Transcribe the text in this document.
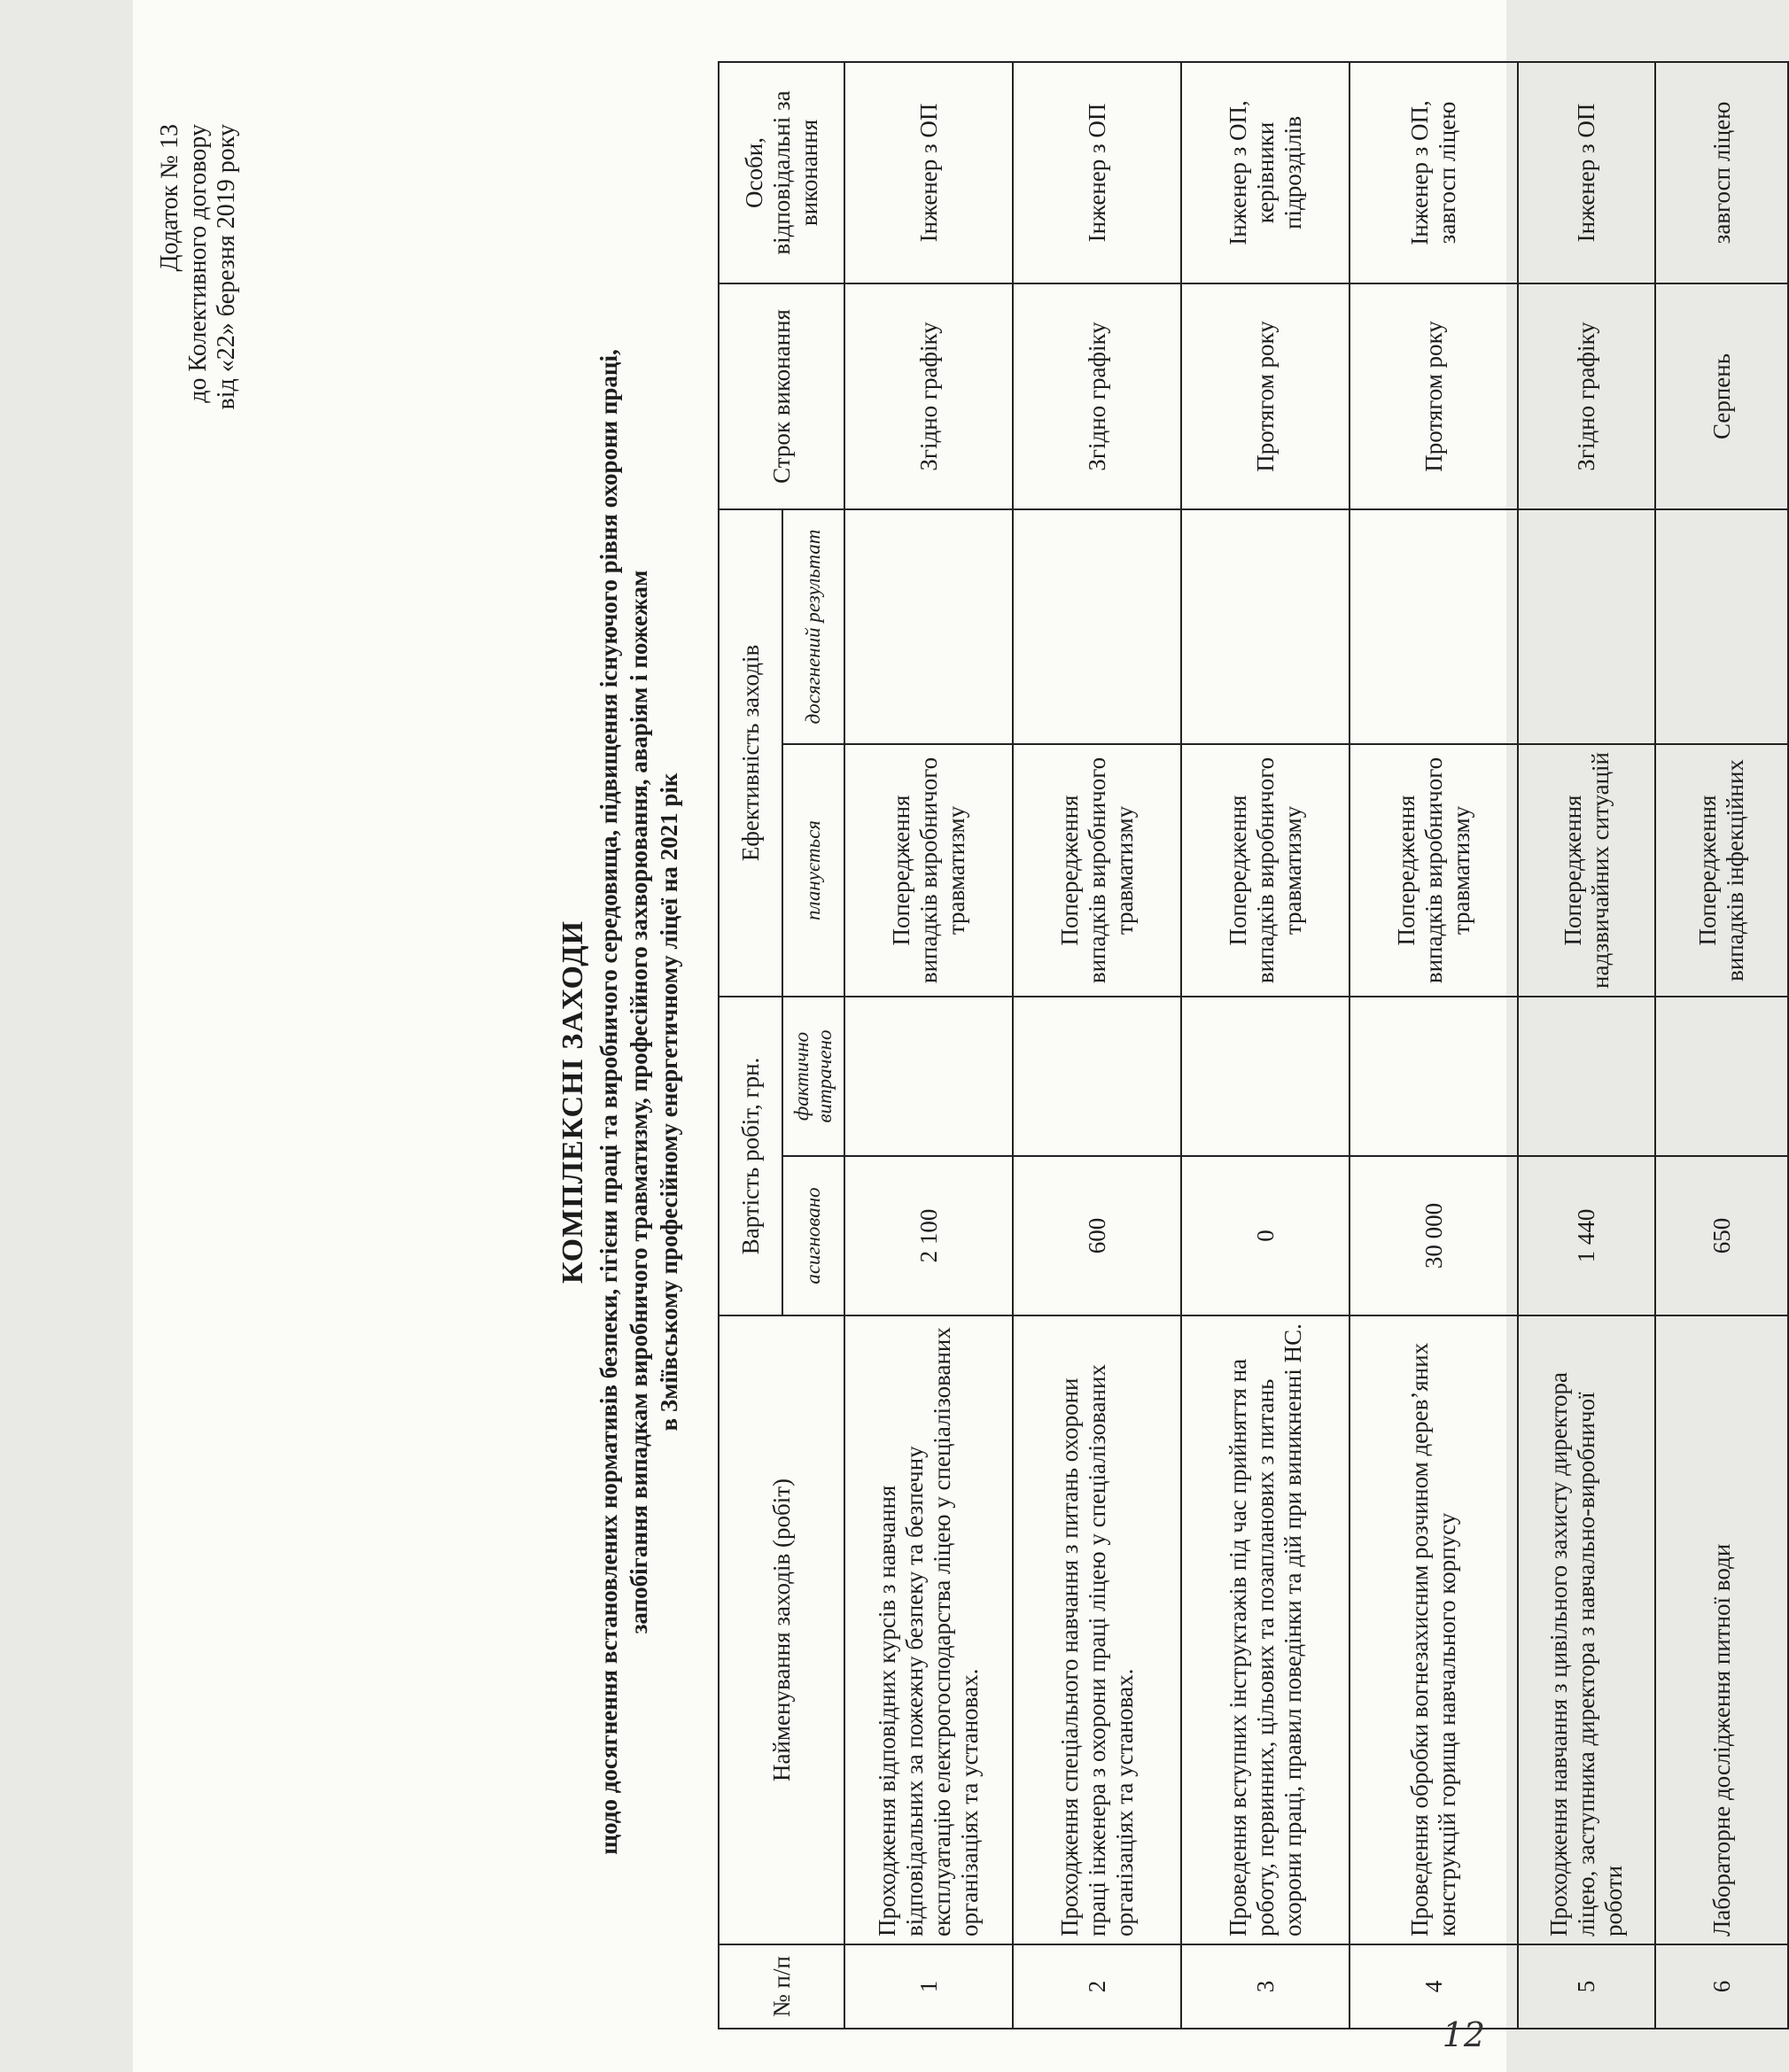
Додаток № 13 до Колективного договору від «22» березня 2019 року
КОМПЛЕКСНІ ЗАХОДИ щодо досягнення встановлених нормативів безпеки, гігієни праці та виробничого середовища, підвищення існуючого рівня охорони праці, запобігання випадкам виробничого травматизму, професійного захворювання, аваріям і пожежам в Зміївському професійному енергетичному ліцеї на 2021 рік
№ п/п	Найменування заходів (робіт)	Вартість робіт, грн.		Ефективність заходів		Строк виконання	Особи, відповідальні за виконання
		асигновано	фактично витрачено	планується	досягнений результат		
1	Проходження відповідних курсів з навчання відповідальних за пожежну безпеку та безпечну експлуатацію електрогосподарства ліцею у спеціалізованих організаціях та установах.	2 100		Попередження випадків виробничого травматизму		Згідно графіку	Інженер з ОП
2	Проходження спеціального навчання з питань охорони праці інженера з охорони праці ліцею у спеціалізованих організаціях та установах.	600		Попередження випадків виробничого травматизму		Згідно графіку	Інженер з ОП
3	Проведення вступних інструктажів під час прийняття на роботу, первинних, цільових та позапланових з питань охорони праці, правил поведінки та дій при виникненні НС.	0		Попередження випадків виробничого травматизму		Протягом року	Інженер з ОП, керівники підрозділів
4	Проведення обробки вогнезахисним розчином дерев’яних конструкцій горища навчального корпусу	30 000		Попередження випадків виробничого травматизму		Протягом року	Інженер з ОП, завгосп ліцею
5	Проходження навчання з цивільного захисту директора ліцею, заступника директора з навчально-виробничої роботи	1 440		Попередження надзвичайних ситуацій		Згідно графіку	Інженер з ОП
6	Лабораторне дослідження питної води	650		Попередження випадків інфекційних		Серпень	завгосп ліцею
12
